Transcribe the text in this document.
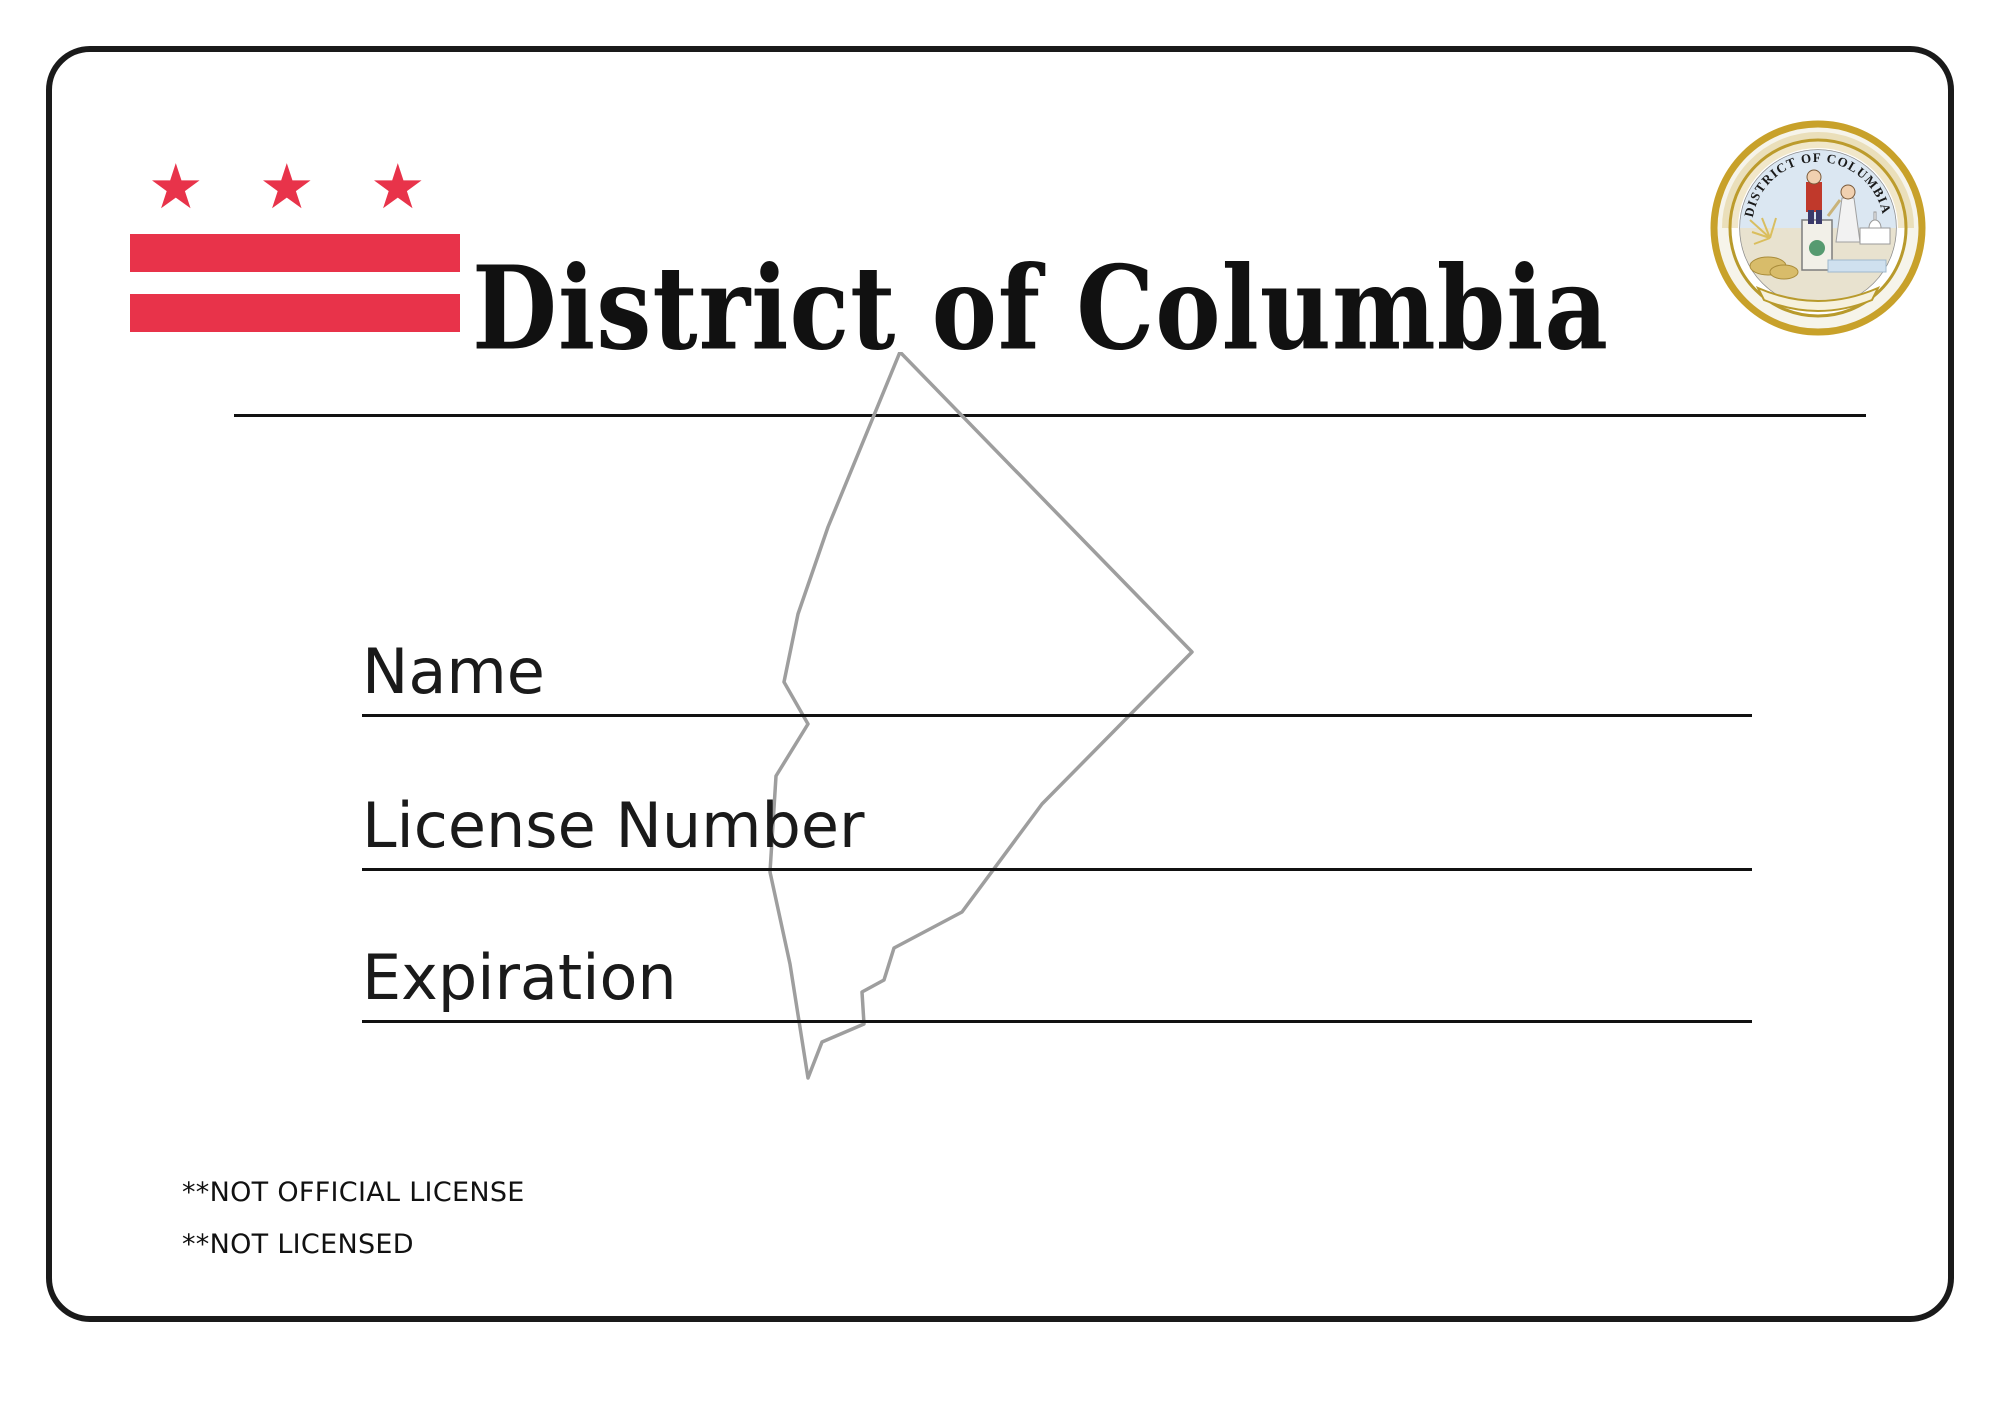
★ ★ ★
District of Columbia
DISTRICT OF COLUMBIA
Name
License Number
Expiration
**NOT OFFICIAL LICENSE
**NOT LICENSED
